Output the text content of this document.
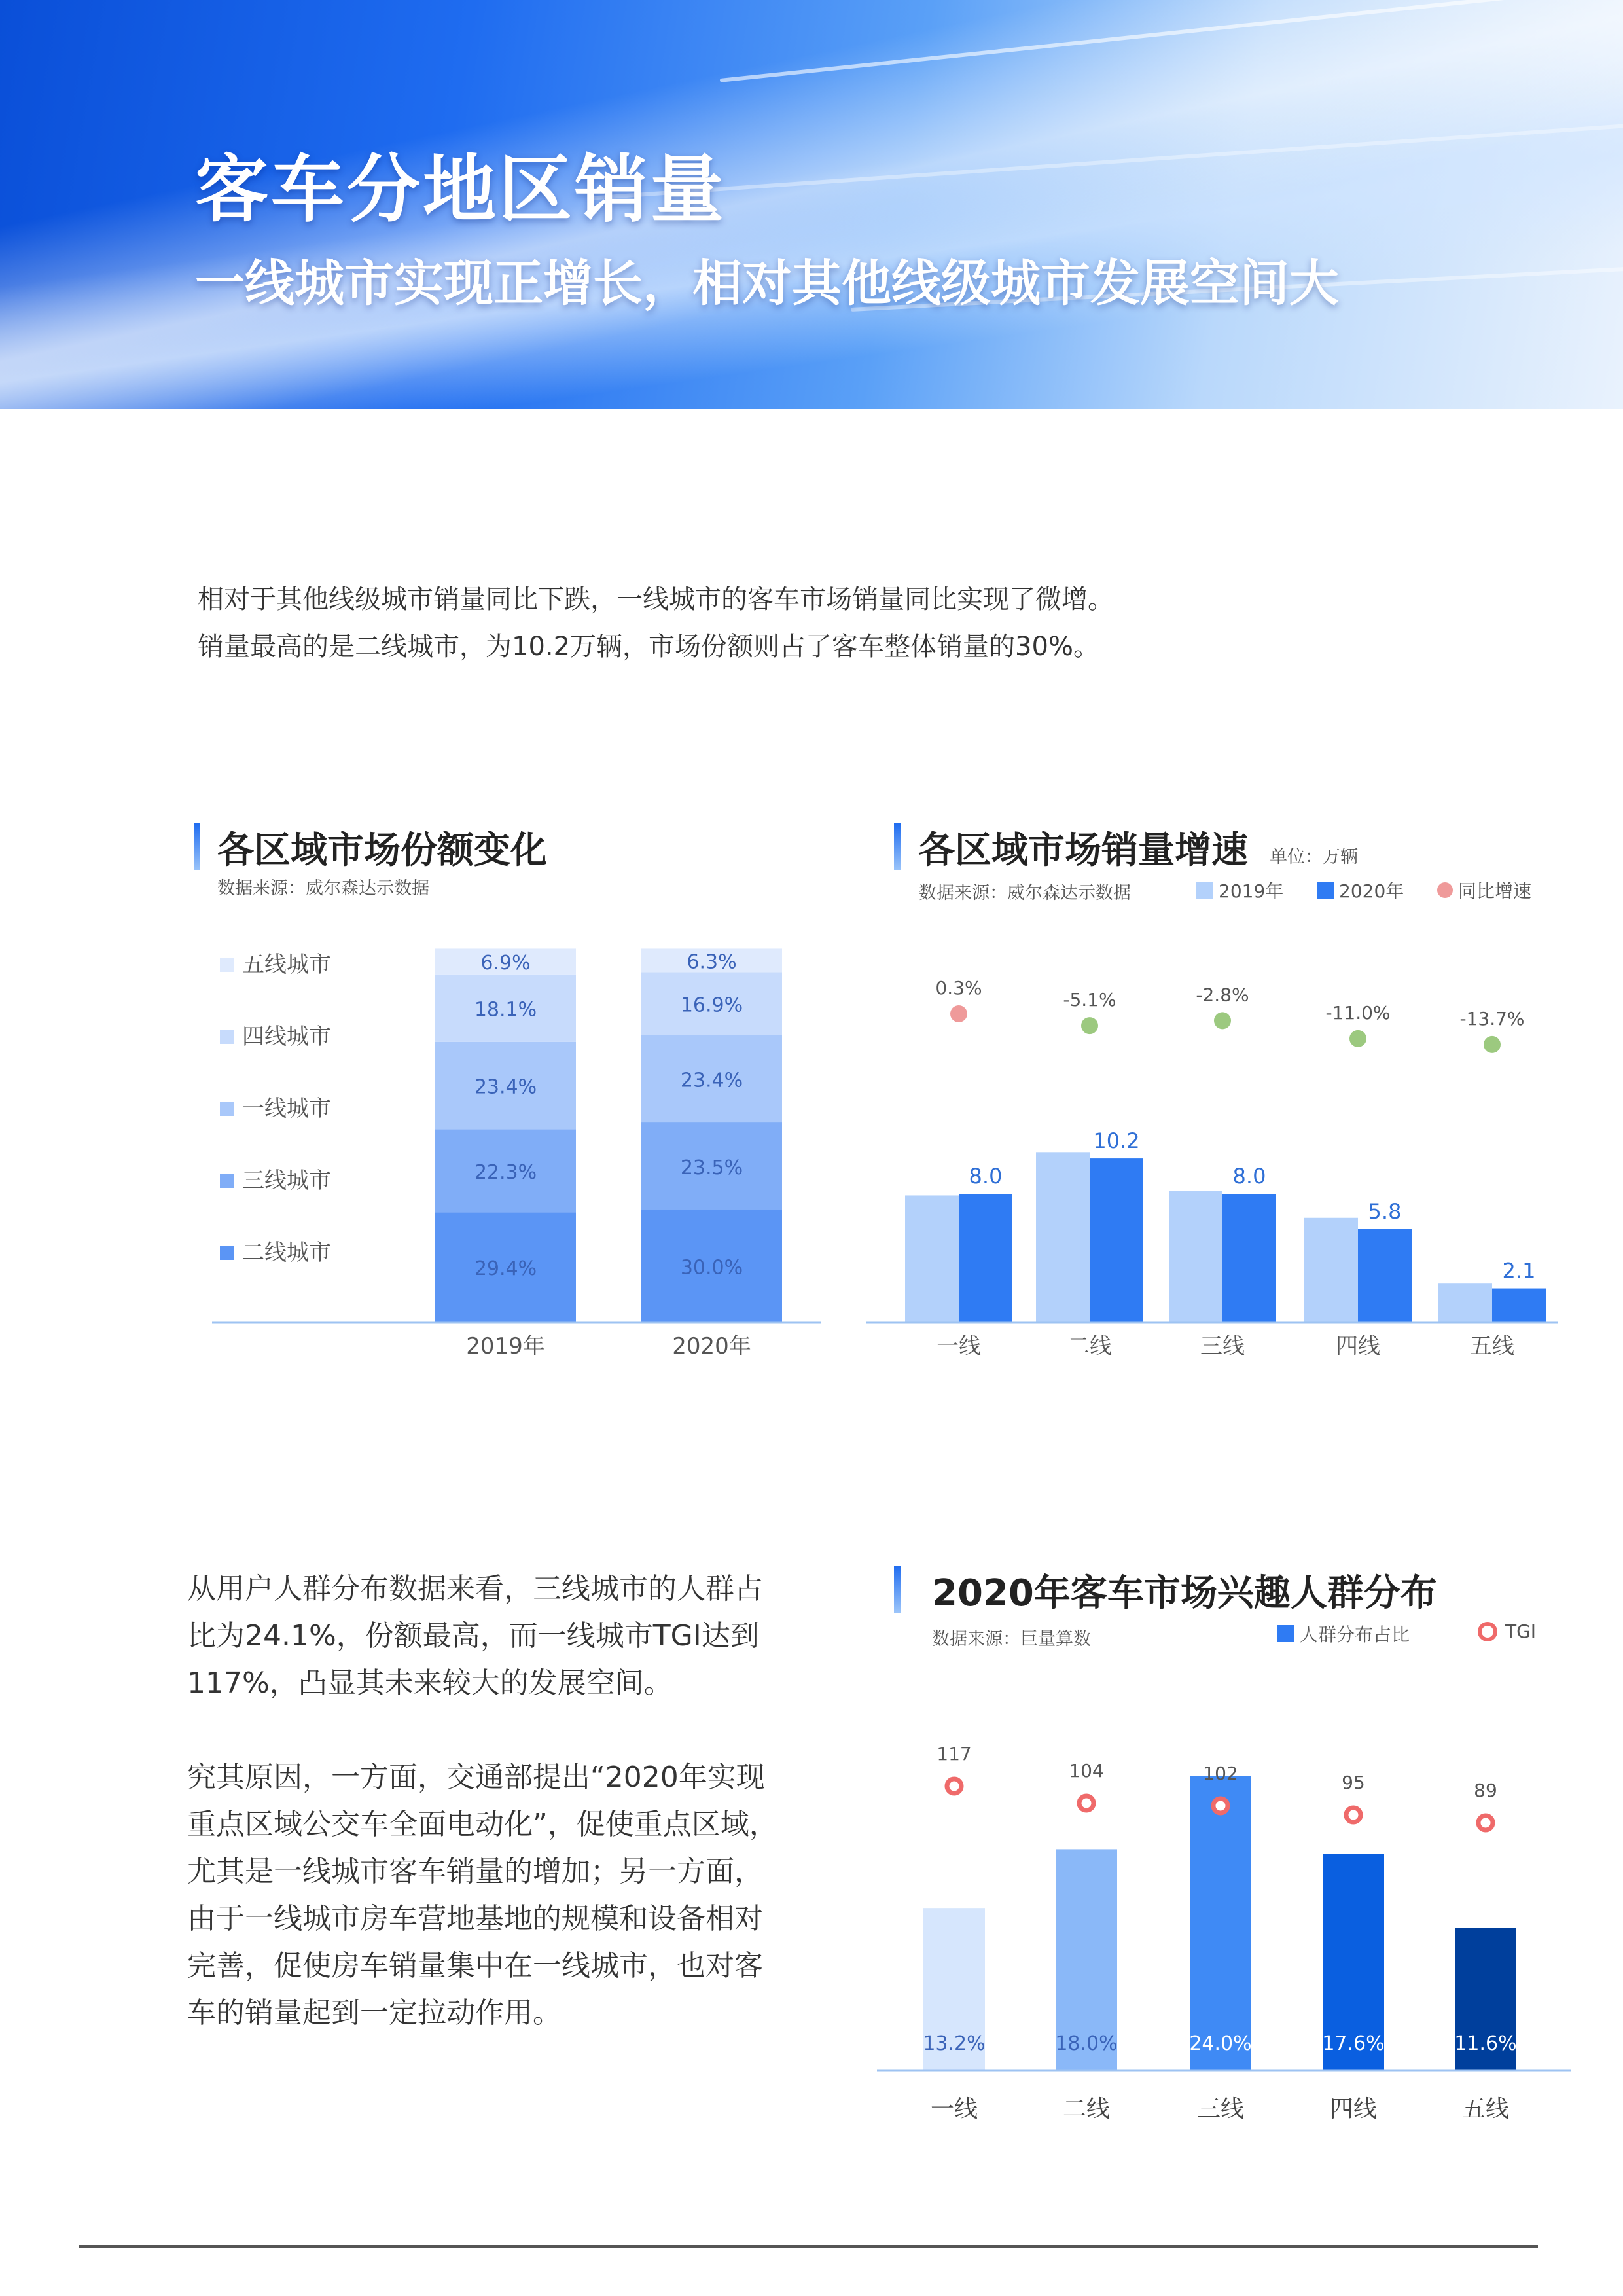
客车分地区销量
一线城市实现正增长，相对其他线级城市发展空间大
相对于其他线级城市销量同比下跌，一线城市的客车市场销量同比实现了微增。
销量最高的是二线城市，为10.2万辆，市场份额则占了客车整体销量的30%。
各区域市场份额变化
数据来源：威尔森达示数据
各区域市场销量增速 单位：万辆
数据来源：威尔森达示数据	2019年	2020年	同比增速
五线城市
四线城市
一线城市
三线城市
二线城市
29.4%
22.3%
23.4%
18.1%
6.9%
2019年
30.0%
23.5%
23.4%
16.9%
6.3%
2020年
8.0
0.3%
一线
10.2
-5.1%
二线
8.0
-2.8%
三线
5.8
-11.0%
四线
2.1
-13.7%
五线
从用户人群分布数据来看，三线城市的人群占
比为24.1%，份额最高，而一线城市TGI达到
117%，凸显其未来较大的发展空间。
究其原因，一方面，交通部提出“2020年实现
重点区域公交车全面电动化”，促使重点区域，
尤其是一线城市客车销量的增加；另一方面，
由于一线城市房车营地基地的规模和设备相对
完善，促使房车销量集中在一线城市，也对客
车的销量起到一定拉动作用。
2020年客车市场兴趣人群分布
数据来源：巨量算数	人群分布占比	TGI
13.2%
117
一线
18.0%
104
二线
24.0%
102
三线
17.6%
95
四线
11.6%
89
五线
